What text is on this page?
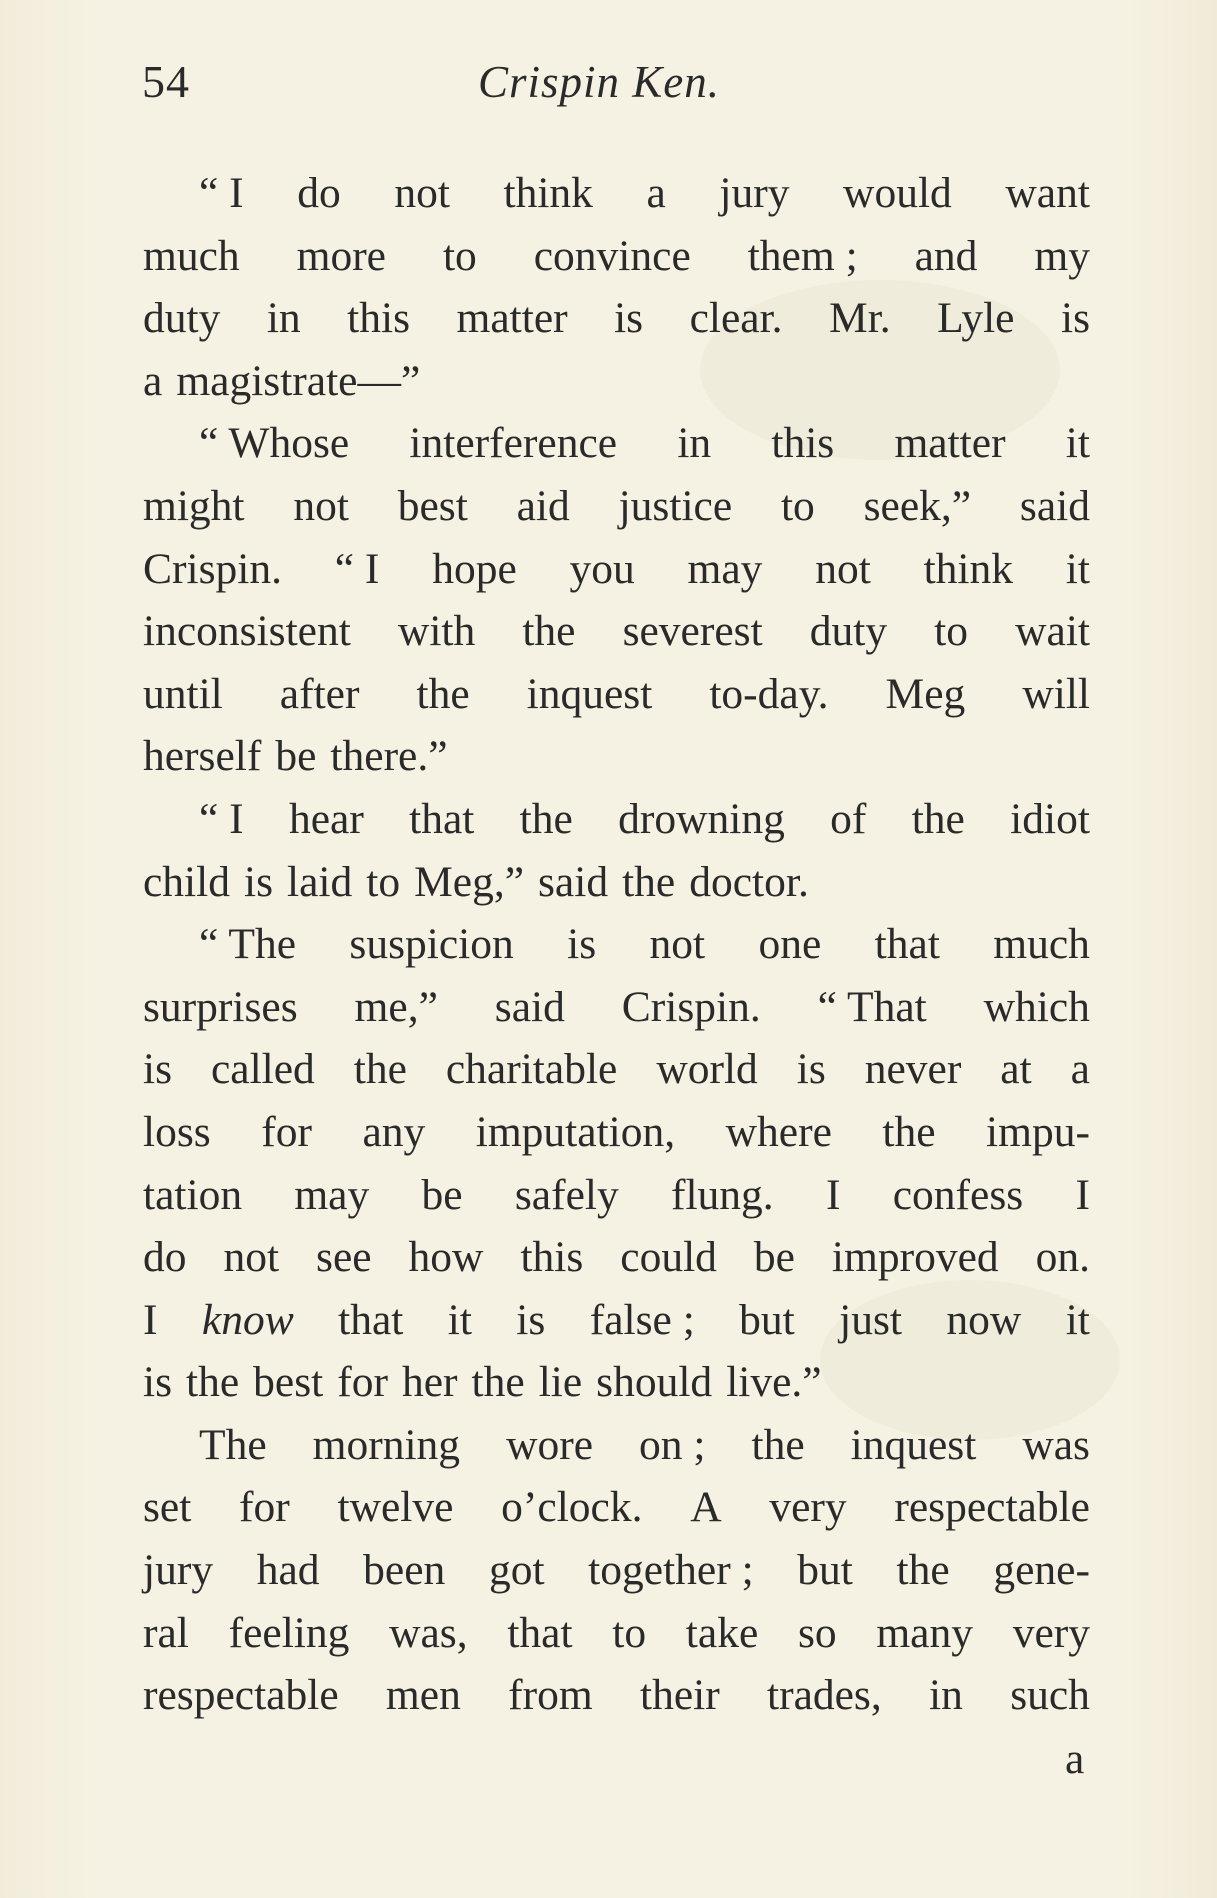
54	Crispin Ken.
“ I do not think a jury would want
much more to convince them ; and my
duty in this matter is clear. Mr. Lyle is
a magistrate—”
“ Whose interference in this matter it
might not best aid justice to seek,” said
Crispin. “ I hope you may not think it
inconsistent with the severest duty to wait
until after the inquest to-day. Meg will
herself be there.”
“ I hear that the drowning of the idiot
child is laid to Meg,” said the doctor.
“ The suspicion is not one that much
surprises me,” said Crispin. “ That which
is called the charitable world is never at a
loss for any imputation, where the impu-
tation may be safely flung. I confess I
do not see how this could be improved on.
I know that it is false ; but just now it
is the best for her the lie should live.”
The morning wore on ; the inquest was
set for twelve o’clock. A very respectable
jury had been got together ; but the gene-
ral feeling was, that to take so many very
respectable men from their trades, in such
a
